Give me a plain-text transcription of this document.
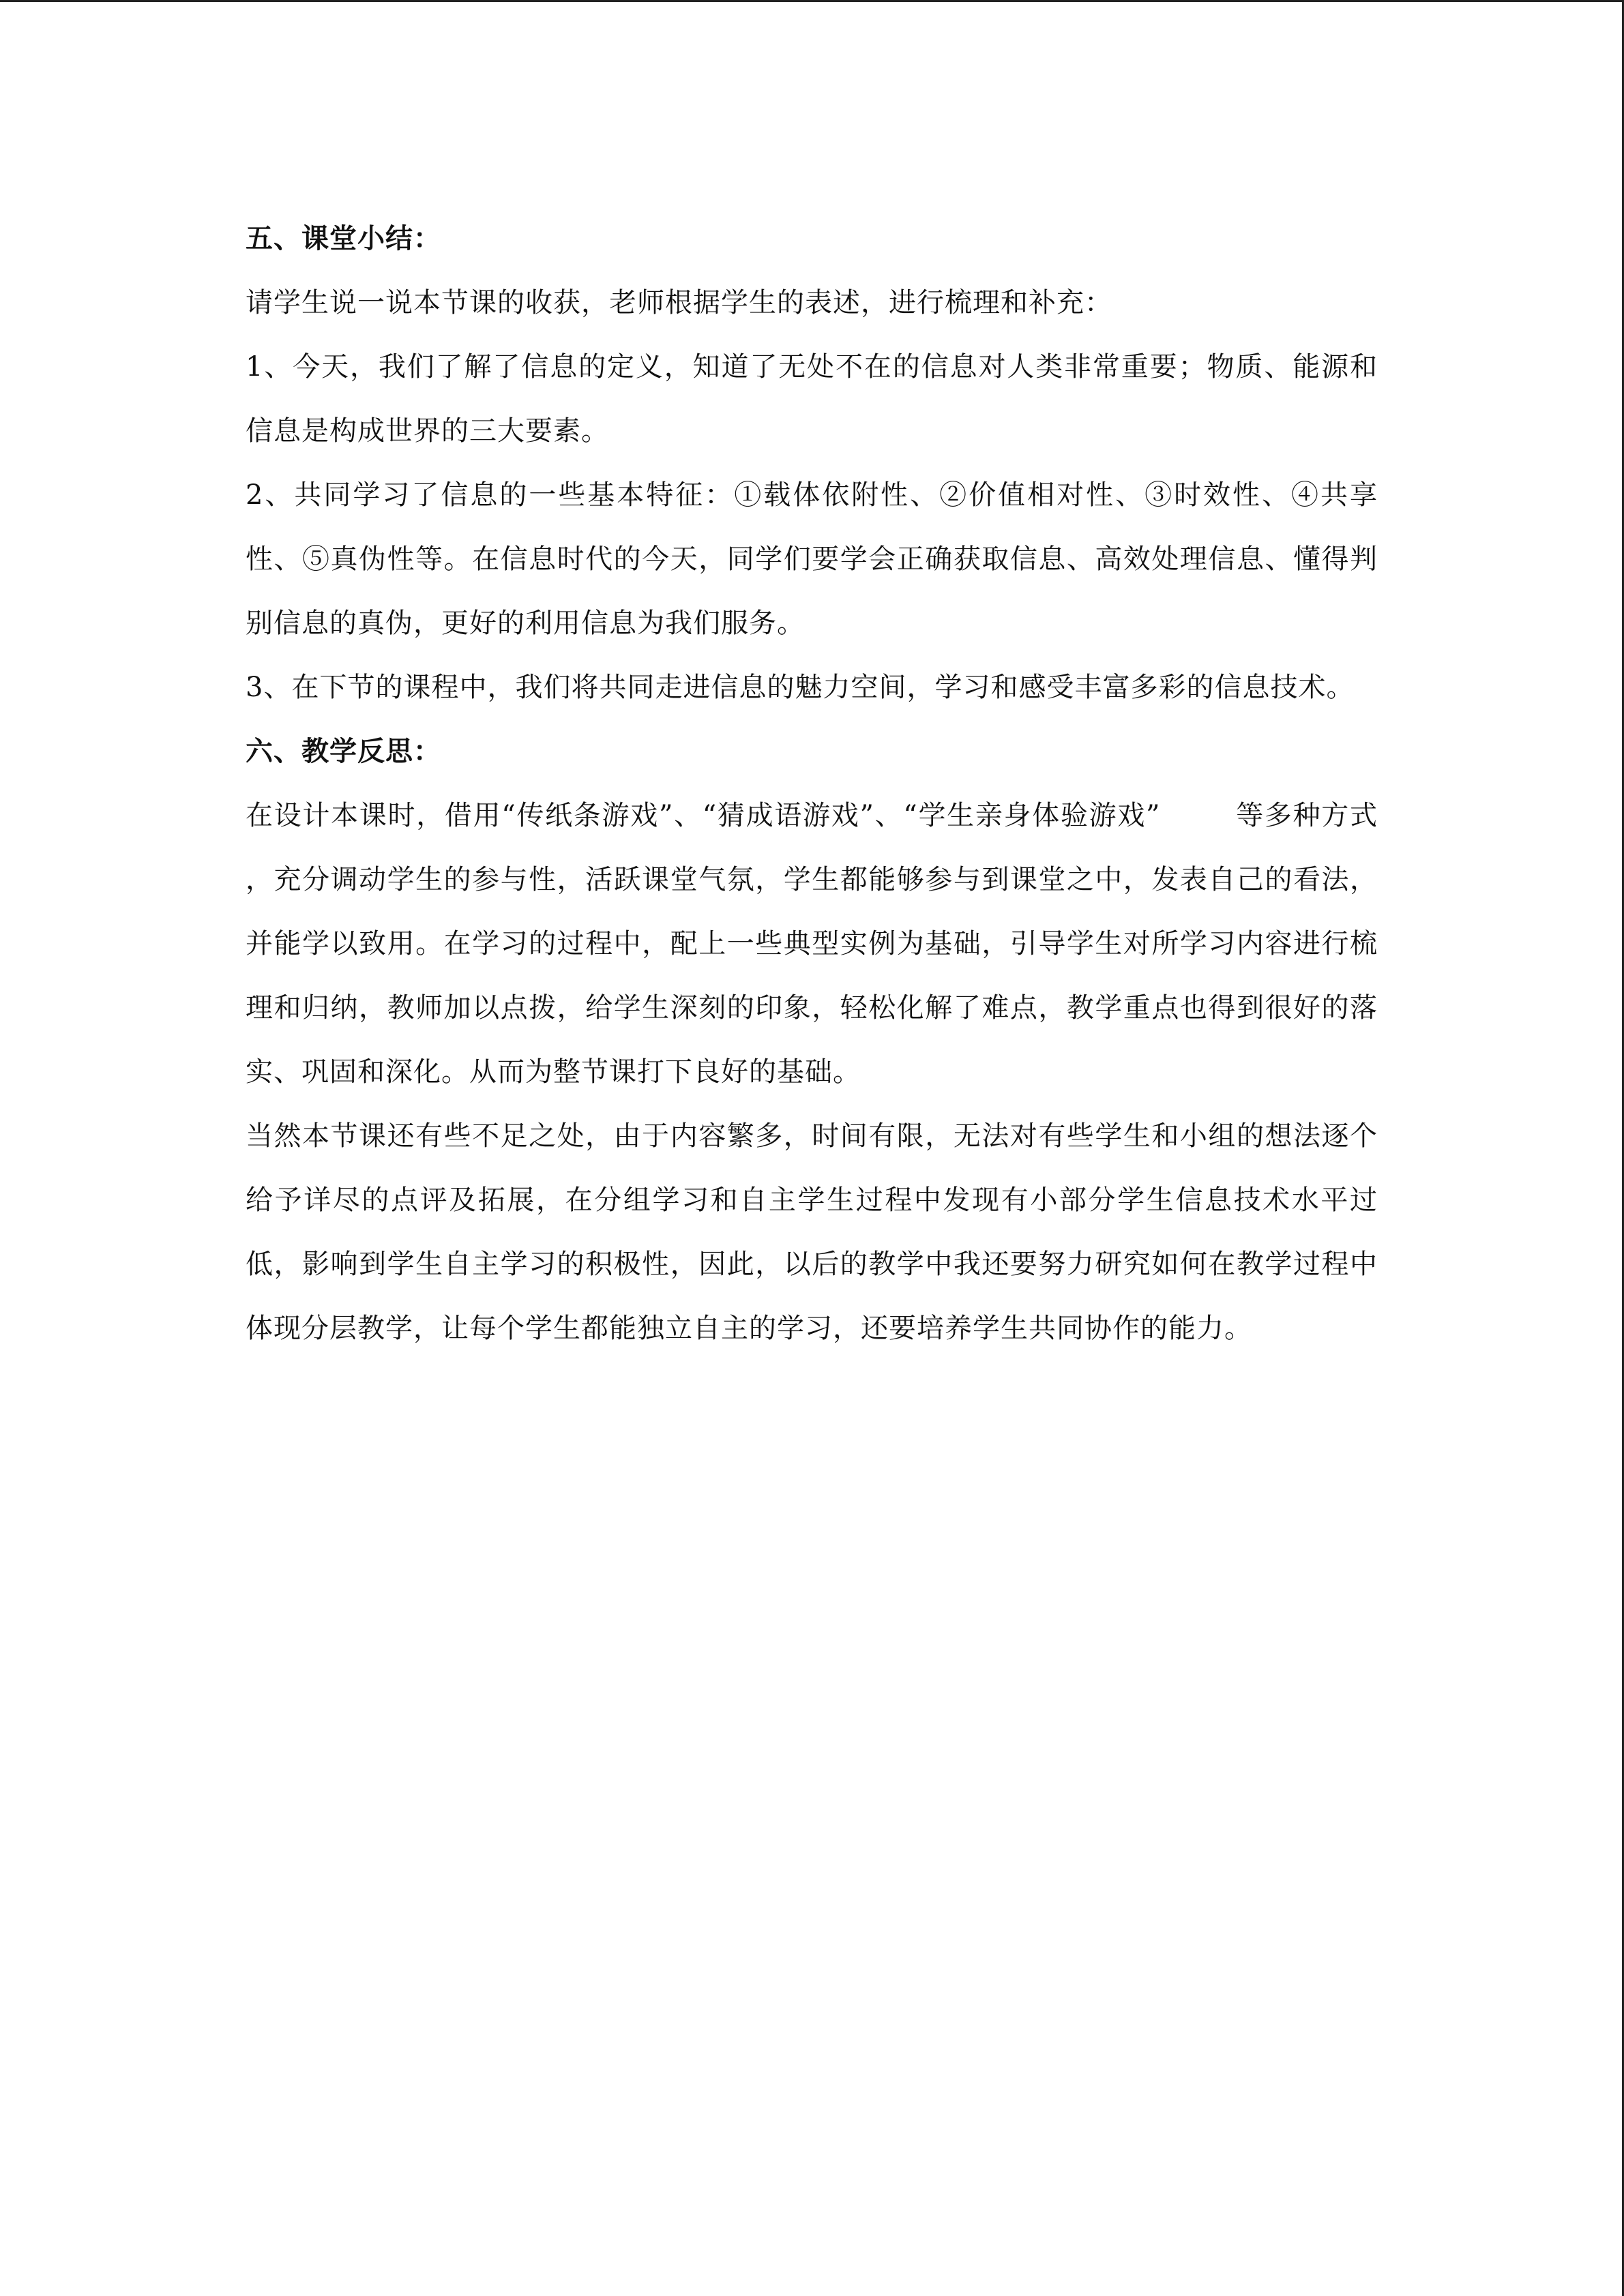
五、课堂小结：

请学生说一说本节课的收获，老师根据学生的表述，进行梳理和补充：

1、今天，我们了解了信息的定义，知道了无处不在的信息对人类非常重要；物质、能源和信息是构成世界的三大要素。

2、共同学习了信息的一些基本特征：①载体依附性、②价值相对性、③时效性、④共享性、⑤真伪性等。在信息时代的今天，同学们要学会正确获取信息、高效处理信息、懂得判别信息的真伪，更好的利用信息为我们服务。

3、在下节的课程中，我们将共同走进信息的魅力空间，学习和感受丰富多彩的信息技术。

六、教学反思：

在设计本课时，借用“传纸条游戏”、“猜成语游戏”、“学生亲身体验游戏”	等多种方式 ，充分调动学生的参与性，活跃课堂气氛，学生都能够参与到课堂之中，发表自己的看法，并能学以致用。在学习的过程中，配上一些典型实例为基础，引导学生对所学习内容进行梳理和归纳，教师加以点拨，给学生深刻的印象，轻松化解了难点，教学重点也得到很好的落实、巩固和深化。从而为整节课打下良好的基础。

当然本节课还有些不足之处，由于内容繁多，时间有限，无法对有些学生和小组的想法逐个给予详尽的点评及拓展，在分组学习和自主学生过程中发现有小部分学生信息技术水平过低，影响到学生自主学习的积极性，因此，以后的教学中我还要努力研究如何在教学过程中体现分层教学，让每个学生都能独立自主的学习，还要培养学生共同协作的能力。
